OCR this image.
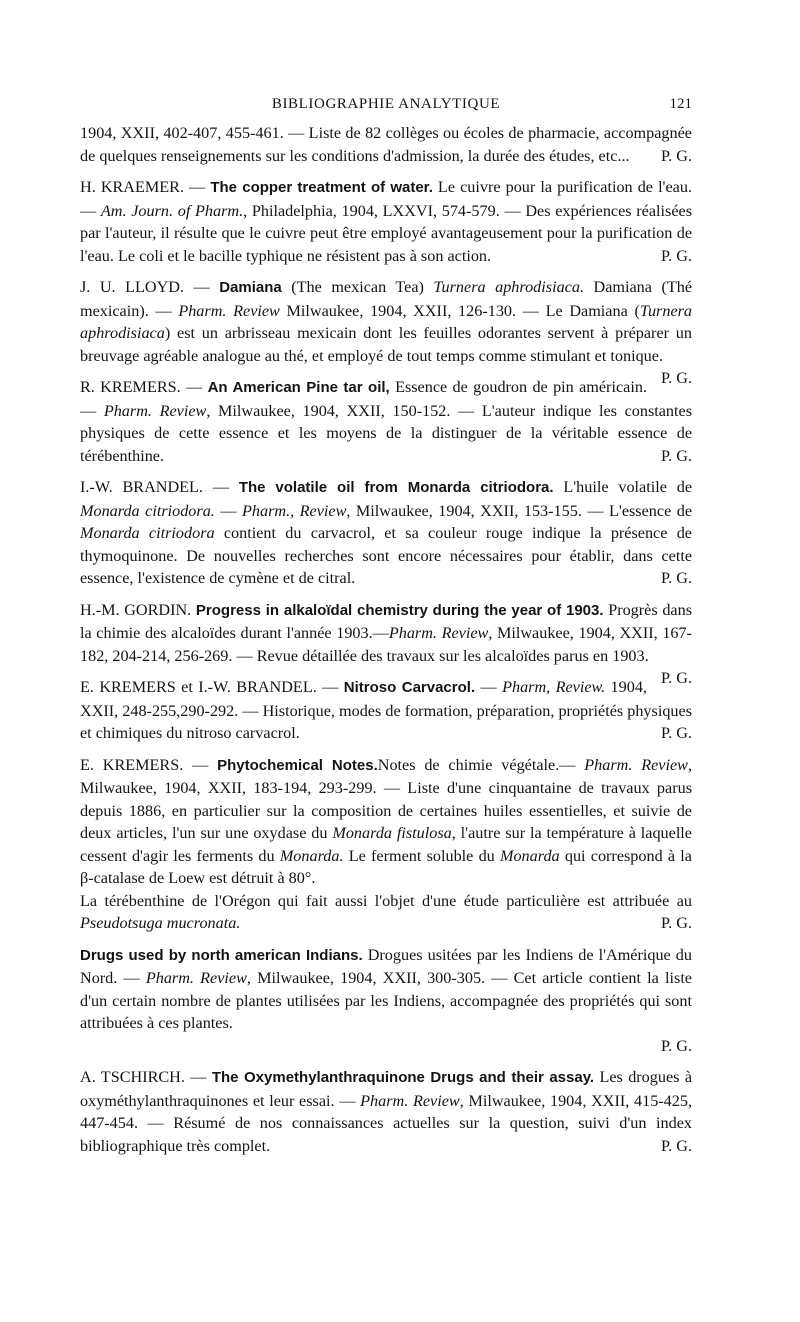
BIBLIOGRAPHIE ANALYTIQUE	121

1904, XXII, 402-407, 455-461. — Liste de 82 collèges ou écoles de pharmacie, accompagnée de quelques renseignements sur les conditions d'admission, la durée des études, etc...	P. G.

H. KRAEMER. — The copper treatment of water. Le cuivre pour la purification de l'eau. — Am. Journ. of Pharm., Philadelphia, 1904, LXXVI, 574-579. — Des expériences réalisées par l'auteur, il résulte que le cuivre peut être employé avantageusement pour la purification de l'eau. Le coli et le bacille typhique ne résistent pas à son action.	P. G.

J. U. LLOYD. — Damiana (The mexican Tea) Turnera aphrodisiaca. Damiana (Thé mexicain). — Pharm. Review Milwaukee, 1904, XXII, 126-130. — Le Damiana (Turnera aphrodisiaca) est un arbrisseau mexicain dont les feuilles odorantes servent à préparer un breuvage agréable analogue au thé, et employé de tout temps comme stimulant et tonique.
P. G.

R. KREMERS. — An American Pine tar oil, Essence de goudron de pin américain. — Pharm. Review, Milwaukee, 1904, XXII, 150-152. — L'auteur indique les constantes physiques de cette essence et les moyens de la distinguer de la véritable essence de térébenthine.	P. G.

I.-W. BRANDEL. — The volatile oil from Monarda citriodora. L'huile volatile de Monarda citriodora. — Pharm., Review, Milwaukee, 1904, XXII, 153-155. — L'essence de Monarda citriodora contient du carvacrol, et sa couleur rouge indique la présence de thymoquinone. De nouvelles recherches sont encore nécessaires pour établir, dans cette essence, l'existence de cymène et de citral.	P. G.

H.-M. GORDIN. Progress in alkaloïdal chemistry during the year of 1903. Progrès dans la chimie des alcaloïdes durant l'année 1903.—Pharm. Review, Milwaukee, 1904, XXII, 167-182, 204-214, 256-269. — Revue détaillée des travaux sur les alcaloïdes parus en 1903.
P. G.

E. KREMERS et I.-W. BRANDEL. — Nitroso Carvacrol. — Pharm, Review. 1904, XXII, 248-255,290-292. — Historique, modes de formation, préparation, propriétés physiques et chimiques du nitroso carvacrol.	P. G.

E. KREMERS. — Phytochemical Notes.Notes de chimie végétale.— Pharm. Review, Milwaukee, 1904, XXII, 183-194, 293-299. — Liste d'une cinquantaine de travaux parus depuis 1886, en particulier sur la composition de certaines huiles essentielles, et suivie de deux articles, l'un sur une oxydase du Monarda fistulosa, l'autre sur la température à laquelle cessent d'agir les ferments du Monarda. Le ferment soluble du Monarda qui correspond à la β-catalase de Loew est détruit à 80°.

La térébenthine de l'Orégon qui fait aussi l'objet d'une étude particulière est attribuée au Pseudotsuga mucronata.	P. G.

Drugs used by north american Indians. Drogues usitées par les Indiens de l'Amérique du Nord. — Pharm. Review, Milwaukee, 1904, XXII, 300-305. — Cet article contient la liste d'un certain nombre de plantes utilisées par les Indiens, accompagnée des propriétés qui sont attribuées à ces plantes.

P. G.

A. TSCHIRCH. — The Oxymethylanthraquinone Drugs and their assay. Les drogues à oxyméthylanthraquinones et leur essai. — Pharm. Review, Milwaukee, 1904, XXII, 415-425, 447-454. — Résumé de nos connaissances actuelles sur la question, suivi d'un index bibliographique très complet.	P. G.
